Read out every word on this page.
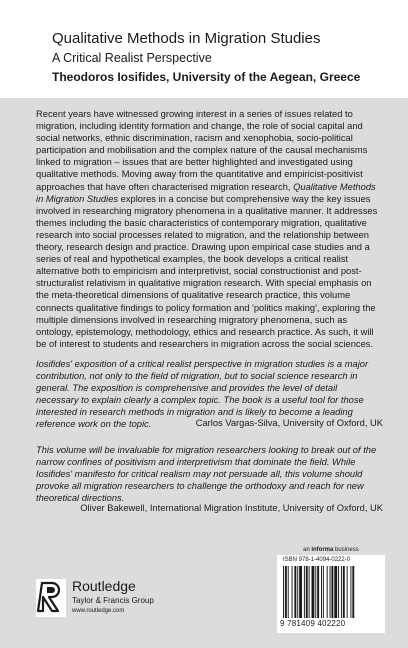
Qualitative Methods in Migration Studies
A Critical Realist Perspective
Theodoros Iosifides, University of the Aegean, Greece
Recent years have witnessed growing interest in a series of issues related to migration, including identity formation and change, the role of social capital and social networks, ethnic discrimination, racism and xenophobia, socio-political participation and mobilisation and the complex nature of the causal mechanisms linked to migration – issues that are better highlighted and investigated using qualitative methods. Moving away from the quantitative and empiricist-positivist approaches that have often characterised migration research, Qualitative Methods in Migration Studies explores in a concise but comprehensive way the key issues involved in researching migratory phenomena in a qualitative manner. It addresses themes including the basic characteristics of contemporary migration, qualitative research into social processes related to migration, and the relationship between theory, research design and practice. Drawing upon empirical case studies and a series of real and hypothetical examples, the book develops a critical realist alternative both to empiricism and interpretivist, social constructionist and post-structuralist relativism in qualitative migration research. With special emphasis on the meta-theoretical dimensions of qualitative research practice, this volume connects qualitative findings to policy formation and 'politics making', exploring the multiple dimensions involved in researching migratory phenomena, such as ontology, epistemology, methodology, ethics and research practice. As such, it will be of interest to students and researchers in migration across the social sciences.
Iosifides' exposition of a critical realist perspective in migration studies is a major contribution, not only to the field of migration, but to social science research in general. The exposition is comprehensive and provides the level of detail necessary to explain clearly a complex topic. The book is a useful tool for those interested in research methods in migration and is likely to become a leading reference work on the topic.	Carlos Vargas-Silva, University of Oxford, UK
This volume will be invaluable for migration researchers looking to break out of the narrow confines of positivism and interpretivism that dominate the field. While Iosifides' manifesto for critical realism may not persuade all, this volume should provoke all migration researchers to challenge the orthodoxy and reach for new theoretical directions.
Oliver Bakewell, International Migration Institute, University of Oxford, UK
an informa business
Routledge
Taylor & Francis Group
www.routledge.com
ISBN 978-1-4094-0222-0
9 781409 402220
